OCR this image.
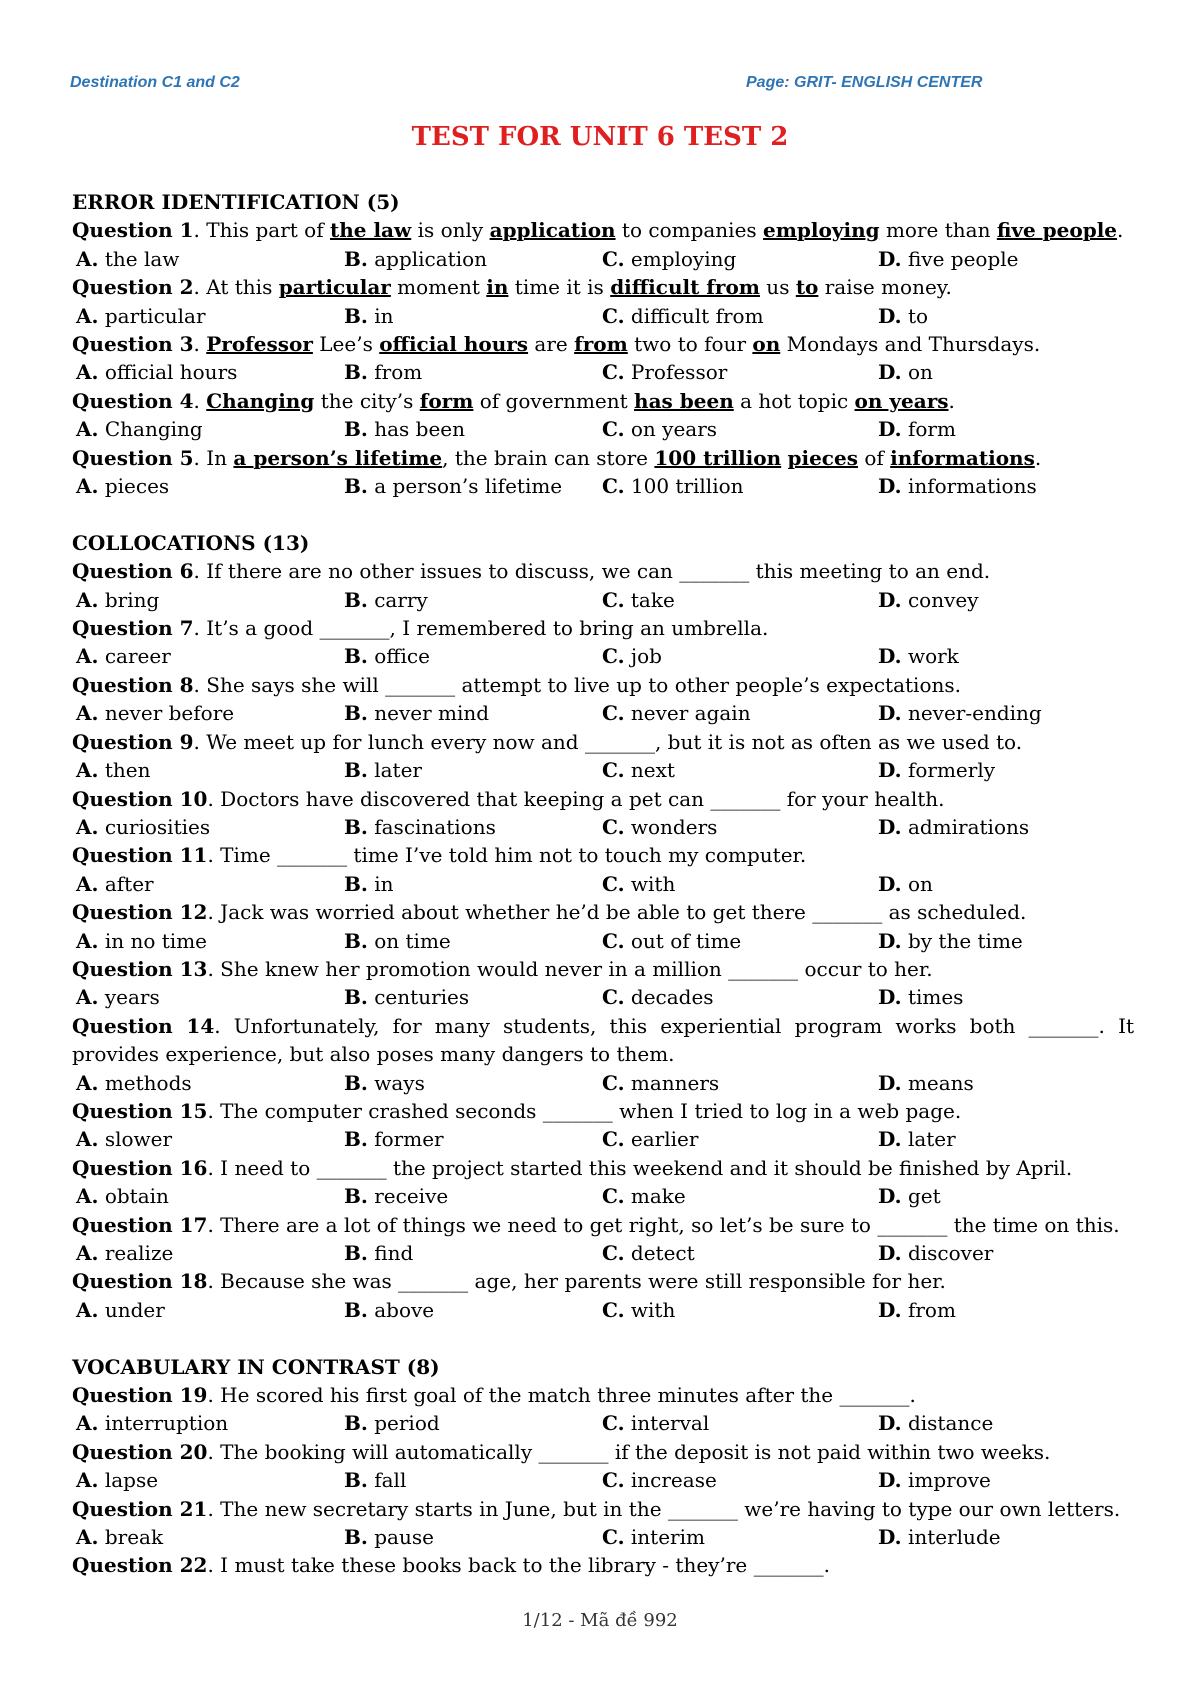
Destination C1 and C2	Page: GRIT- ENGLISH CENTER
TEST FOR UNIT 6 TEST 2
ERROR IDENTIFICATION (5)
Question 1. This part of the law is only application to companies employing more than five people.
A. the law	B. application	C. employing	D. five people
Question 2. At this particular moment in time it is difficult from us to raise money.
A. particular	B. in	C. difficult from	D. to
Question 3. Professor Lee’s official hours are from two to four on Mondays and Thursdays.
A. official hours	B. from	C. Professor	D. on
Question 4. Changing the city’s form of government has been a hot topic on years.
A. Changing	B. has been	C. on years	D. form
Question 5. In a person’s lifetime, the brain can store 100 trillion pieces of informations.
A. pieces	B. a person’s lifetime	C. 100 trillion	D. informations
COLLOCATIONS (13)
Question 6. If there are no other issues to discuss, we can _______ this meeting to an end.
A. bring	B. carry	C. take	D. convey
Question 7. It’s a good _______, I remembered to bring an umbrella.
A. career	B. office	C. job	D. work
Question 8. She says she will _______ attempt to live up to other people’s expectations.
A. never before	B. never mind	C. never again	D. never-ending
Question 9. We meet up for lunch every now and _______, but it is not as often as we used to.
A. then	B. later	C. next	D. formerly
Question 10. Doctors have discovered that keeping a pet can _______ for your health.
A. curiosities	B. fascinations	C. wonders	D. admirations
Question 11. Time _______ time I’ve told him not to touch my computer.
A. after	B. in	C. with	D. on
Question 12. Jack was worried about whether he’d be able to get there _______ as scheduled.
A. in no time	B. on time	C. out of time	D. by the time
Question 13. She knew her promotion would never in a million _______ occur to her.
A. years	B. centuries	C. decades	D. times
Question 14. Unfortunately, for many students, this experiential program works both _______. It provides experience, but also poses many dangers to them.
A. methods	B. ways	C. manners	D. means
Question 15. The computer crashed seconds _______ when I tried to log in a web page.
A. slower	B. former	C. earlier	D. later
Question 16. I need to _______ the project started this weekend and it should be finished by April.
A. obtain	B. receive	C. make	D. get
Question 17. There are a lot of things we need to get right, so let’s be sure to _______ the time on this.
A. realize	B. find	C. detect	D. discover
Question 18. Because she was _______ age, her parents were still responsible for her.
A. under	B. above	C. with	D. from
VOCABULARY IN CONTRAST (8)
Question 19. He scored his first goal of the match three minutes after the _______.
A. interruption	B. period	C. interval	D. distance
Question 20. The booking will automatically _______ if the deposit is not paid within two weeks.
A. lapse	B. fall	C. increase	D. improve
Question 21. The new secretary starts in June, but in the _______ we’re having to type our own letters.
A. break	B. pause	C. interim	D. interlude
Question 22. I must take these books back to the library - they’re _______.
1/12 - Mã đề 992
